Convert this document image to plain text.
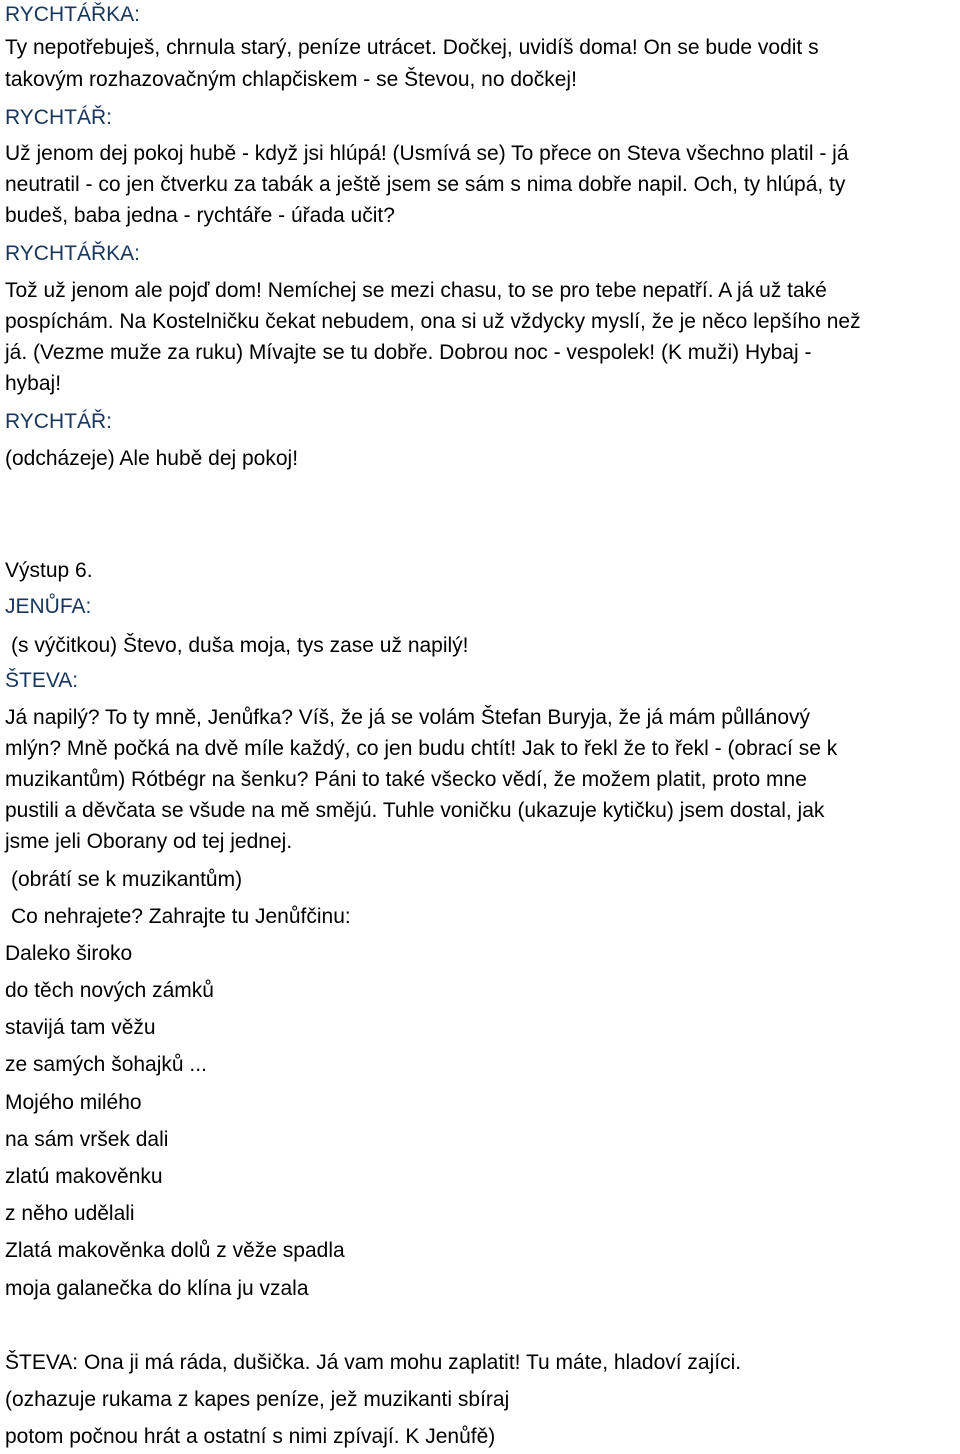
RYCHTÁŘKA:
Ty nepotřebuješ, chrnula starý, peníze utrácet. Dočkej, uvidíš doma! On se bude vodit s
takovým rozhazovačným chlapčiskem - se Števou, no dočkej!
RYCHTÁŘ:
Už jenom dej pokoj hubě - když jsi hlúpá! (Usmívá se) To přece on Steva všechno platil - já
neutratil - co jen čtverku za tabák a ještě jsem se sám s nima dobře napil. Och, ty hlúpá, ty
budeš, baba jedna - rychtáře - úřada učit?
RYCHTÁŘKA:
Tož už jenom ale pojď dom! Nemíchej se mezi chasu, to se pro tebe nepatří. A já už také
pospíchám. Na Kostelničku čekat nebudem, ona si už vždycky myslí, že je něco lepšího než
já. (Vezme muže za ruku) Mívajte se tu dobře. Dobrou noc - vespolek! (K muži) Hybaj -
hybaj!
RYCHTÁŘ:
(odcházeje) Ale hubě dej pokoj!
Výstup 6.
JENŮFA:
(s výčitkou) Števo, duša moja, tys zase už napilý!
ŠTEVA:
Já napilý? To ty mně, Jenůfka? Víš, že já se volám Štefan Buryja, že já mám půllánový
mlýn? Mně počká na dvě míle každý, co jen budu chtít! Jak to řekl že to řekl - (obrací se k
muzikantům) Rótbégr na šenku? Páni to také všecko vědí, že možem platit, proto mne
pustili a děvčata se všude na mě smějú. Tuhle voničku (ukazuje kytičku) jsem dostal, jak
jsme jeli Oborany od tej jednej.
(obrátí se k muzikantům)
Co nehrajete? Zahrajte tu Jenůfčinu:
Daleko široko
do těch nových zámků
stavijá tam věžu
ze samých šohajků ...
Mojého milého
na sám vršek dali
zlatú makověnku
z něho udělali
Zlatá makověnka dolů z věže spadla
moja galanečka do klína ju vzala
ŠTEVA: Ona ji má ráda, dušička. Já vam mohu zaplatit! Tu máte, hladoví zajíci.
(ozhazuje rukama z kapes peníze, jež muzikanti sbíraj
potom počnou hrát a ostatní s nimi zpívají. K Jenůfě)
